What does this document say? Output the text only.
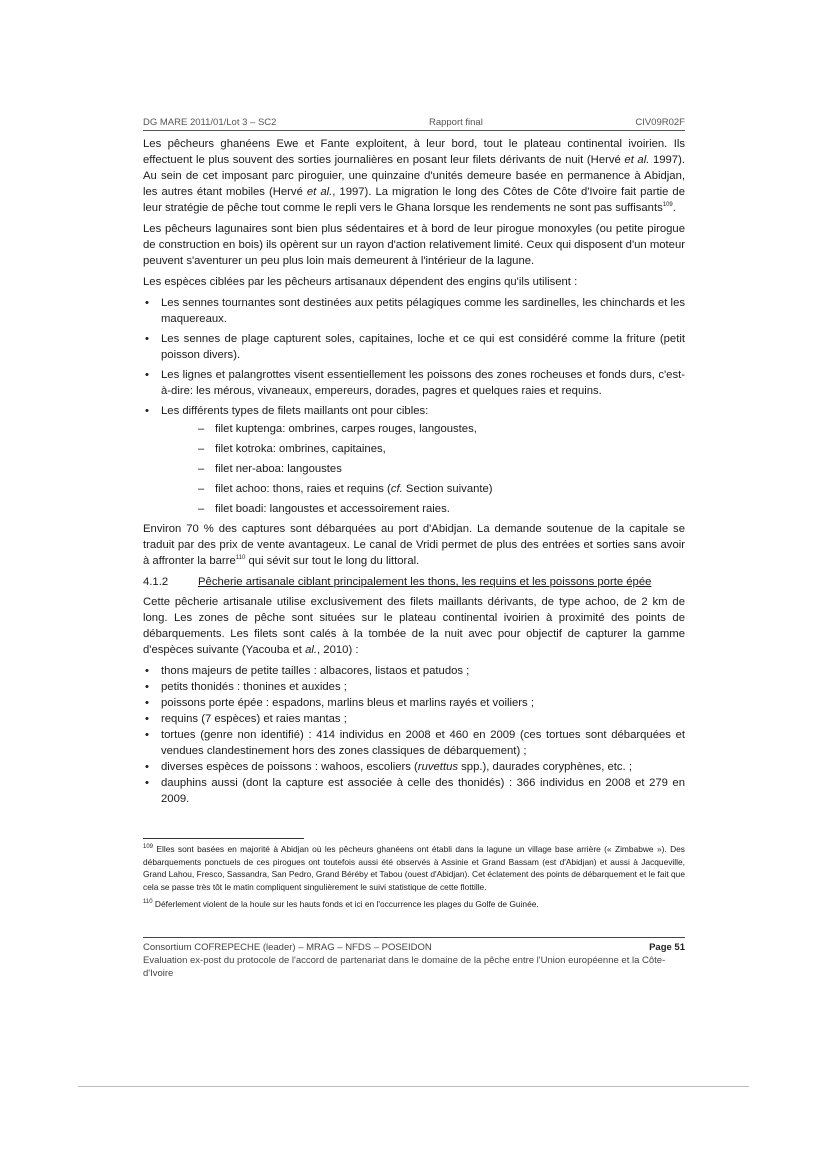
DG MARE 2011/01/Lot 3 – SC2	Rapport final	CIV09R02F

Les pêcheurs ghanéens Ewe et Fante exploitent, à leur bord, tout le plateau continental ivoirien. Ils effectuent le plus souvent des sorties journalières en posant leur filets dérivants de nuit (Hervé et al. 1997). Au sein de cet imposant parc piroguier, une quinzaine d'unités demeure basée en permanence à Abidjan, les autres étant mobiles (Hervé et al., 1997). La migration le long des Côtes de Côte d'Ivoire fait partie de leur stratégie de pêche tout comme le repli vers le Ghana lorsque les rendements ne sont pas suffisants$^{109}$.

Les pêcheurs lagunaires sont bien plus sédentaires et à bord de leur pirogue monoxyles (ou petite pirogue de construction en bois) ils opèrent sur un rayon d'action relativement limité. Ceux qui disposent d'un moteur peuvent s'aventurer un peu plus loin mais demeurent à l'intérieur de la lagune.

Les espèces ciblées par les pêcheurs artisanaux dépendent des engins qu'ils utilisent :

• Les sennes tournantes sont destinées aux petits pélagiques comme les sardinelles, les chinchards et les maquereaux.
• Les sennes de plage capturent soles, capitaines, loche et ce qui est considéré comme la friture (petit poisson divers).
• Les lignes et palangrottes visent essentiellement les poissons des zones rocheuses et fonds durs, c'est-à-dire: les mérous, vivaneaux, empereurs, dorades, pagres et quelques raies et requins.
• Les différents types de filets maillants ont pour cibles:
– filet kuptenga: ombrines, carpes rouges, langoustes,
– filet kotroka: ombrines, capitaines,
– filet ner-aboa: langoustes
– filet achoo: thons, raies et requins (cf. Section suivante)
– filet boadi: langoustes et accessoirement raies.

Environ 70 % des captures sont débarquées au port d'Abidjan. La demande soutenue de la capitale se traduit par des prix de vente avantageux. Le canal de Vridi permet de plus des entrées et sorties sans avoir à affronter la barre$^{110}$ qui sévit sur tout le long du littoral.

4.1.2	Pêcherie artisanale ciblant principalement les thons, les requins et les poissons porte épée

Cette pêcherie artisanale utilise exclusivement des filets maillants dérivants, de type achoo, de 2 km de long. Les zones de pêche sont situées sur le plateau continental ivoirien à proximité des points de débarquements. Les filets sont calés à la tombée de la nuit avec pour objectif de capturer la gamme d'espèces suivante (Yacouba et al., 2010) :

• thons majeurs de petite tailles : albacores, listaos et patudos ;
• petits thonidés : thonines et auxides ;
• poissons porte épée : espadons, marlins bleus et marlins rayés et voiliers ;
• requins (7 espèces) et raies mantas ;
• tortues (genre non identifié) : 414 individus en 2008 et 460 en 2009 (ces tortues sont débarquées et vendues clandestinement hors des zones classiques de débarquement) ;
• diverses espèces de poissons : wahoos, escoliers (ruvettus spp.), daurades coryphènes, etc. ;
• dauphins aussi (dont la capture est associée à celle des thonidés) : 366 individus en 2008 et 279 en 2009.

$^{109}$ Elles sont basées en majorité à Abidjan où les pêcheurs ghanéens ont établi dans la lagune un village base arrière (« Zimbabwe »). Des débarquements ponctuels de ces pirogues ont toutefois aussi été observés à Assinie et Grand Bassam (est d'Abidjan) et aussi à Jacqueville, Grand Lahou, Fresco, Sassandra, San Pedro, Grand Béréby et Tabou (ouest d'Abidjan). Cet éclatement des points de débarquement et le fait que cela se passe très tôt le matin compliquent singulièrement le suivi statistique de cette flottille.

$^{110}$ Déferlement violent de la houle sur les hauts fonds et ici en l'occurrence les plages du Golfe de Guinée.

Consortium COFREPECHE (leader) – MRAG – NFDS – POSEIDON	Page 51
Evaluation ex-post du protocole de l'accord de partenariat dans le domaine de la pêche entre l'Union européenne et la Côte-d'Ivoire
